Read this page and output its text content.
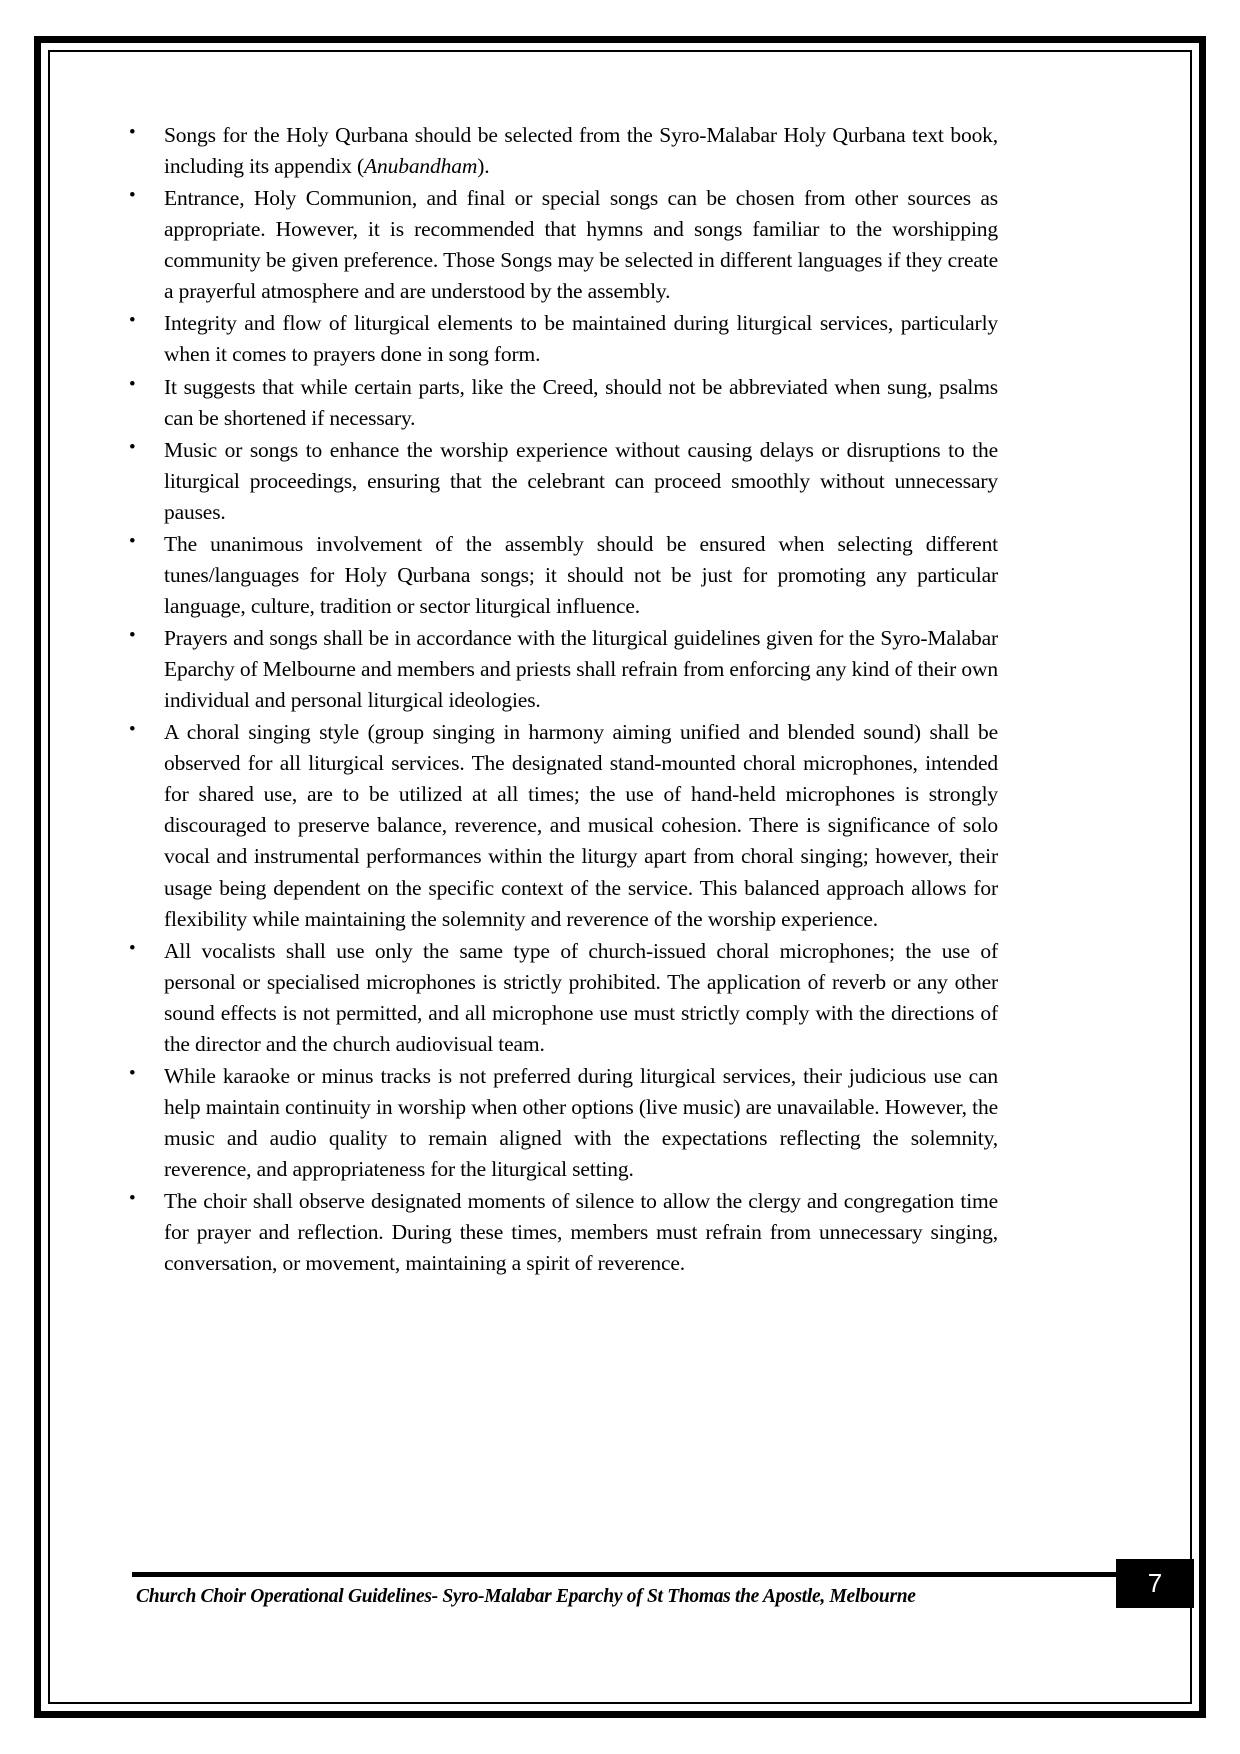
• Songs for the Holy Qurbana should be selected from the Syro-Malabar Holy Qurbana text book, including its appendix (Anubandham).
• Entrance, Holy Communion, and final or special songs can be chosen from other sources as appropriate. However, it is recommended that hymns and songs familiar to the worshipping community be given preference. Those Songs may be selected in different languages if they create a prayerful atmosphere and are understood by the assembly.
• Integrity and flow of liturgical elements to be maintained during liturgical services, particularly when it comes to prayers done in song form.
• It suggests that while certain parts, like the Creed, should not be abbreviated when sung, psalms can be shortened if necessary.
• Music or songs to enhance the worship experience without causing delays or disruptions to the liturgical proceedings, ensuring that the celebrant can proceed smoothly without unnecessary pauses.
• The unanimous involvement of the assembly should be ensured when selecting different tunes/languages for Holy Qurbana songs; it should not be just for promoting any particular language, culture, tradition or sector liturgical influence.
• Prayers and songs shall be in accordance with the liturgical guidelines given for the Syro-Malabar Eparchy of Melbourne and members and priests shall refrain from enforcing any kind of their own individual and personal liturgical ideologies.
• A choral singing style (group singing in harmony aiming unified and blended sound) shall be observed for all liturgical services. The designated stand-mounted choral microphones, intended for shared use, are to be utilized at all times; the use of hand-held microphones is strongly discouraged to preserve balance, reverence, and musical cohesion. There is significance of solo vocal and instrumental performances within the liturgy apart from choral singing; however, their usage being dependent on the specific context of the service. This balanced approach allows for flexibility while maintaining the solemnity and reverence of the worship experience.
• All vocalists shall use only the same type of church-issued choral microphones; the use of personal or specialised microphones is strictly prohibited. The application of reverb or any other sound effects is not permitted, and all microphone use must strictly comply with the directions of the director and the church audiovisual team.
• While karaoke or minus tracks is not preferred during liturgical services, their judicious use can help maintain continuity in worship when other options (live music) are unavailable. However, the music and audio quality to remain aligned with the expectations reflecting the solemnity, reverence, and appropriateness for the liturgical setting.
• The choir shall observe designated moments of silence to allow the clergy and congregation time for prayer and reflection. During these times, members must refrain from unnecessary singing, conversation, or movement, maintaining a spirit of reverence.
Church Choir Operational Guidelines- Syro-Malabar Eparchy of St Thomas the Apostle, Melbourne	7
